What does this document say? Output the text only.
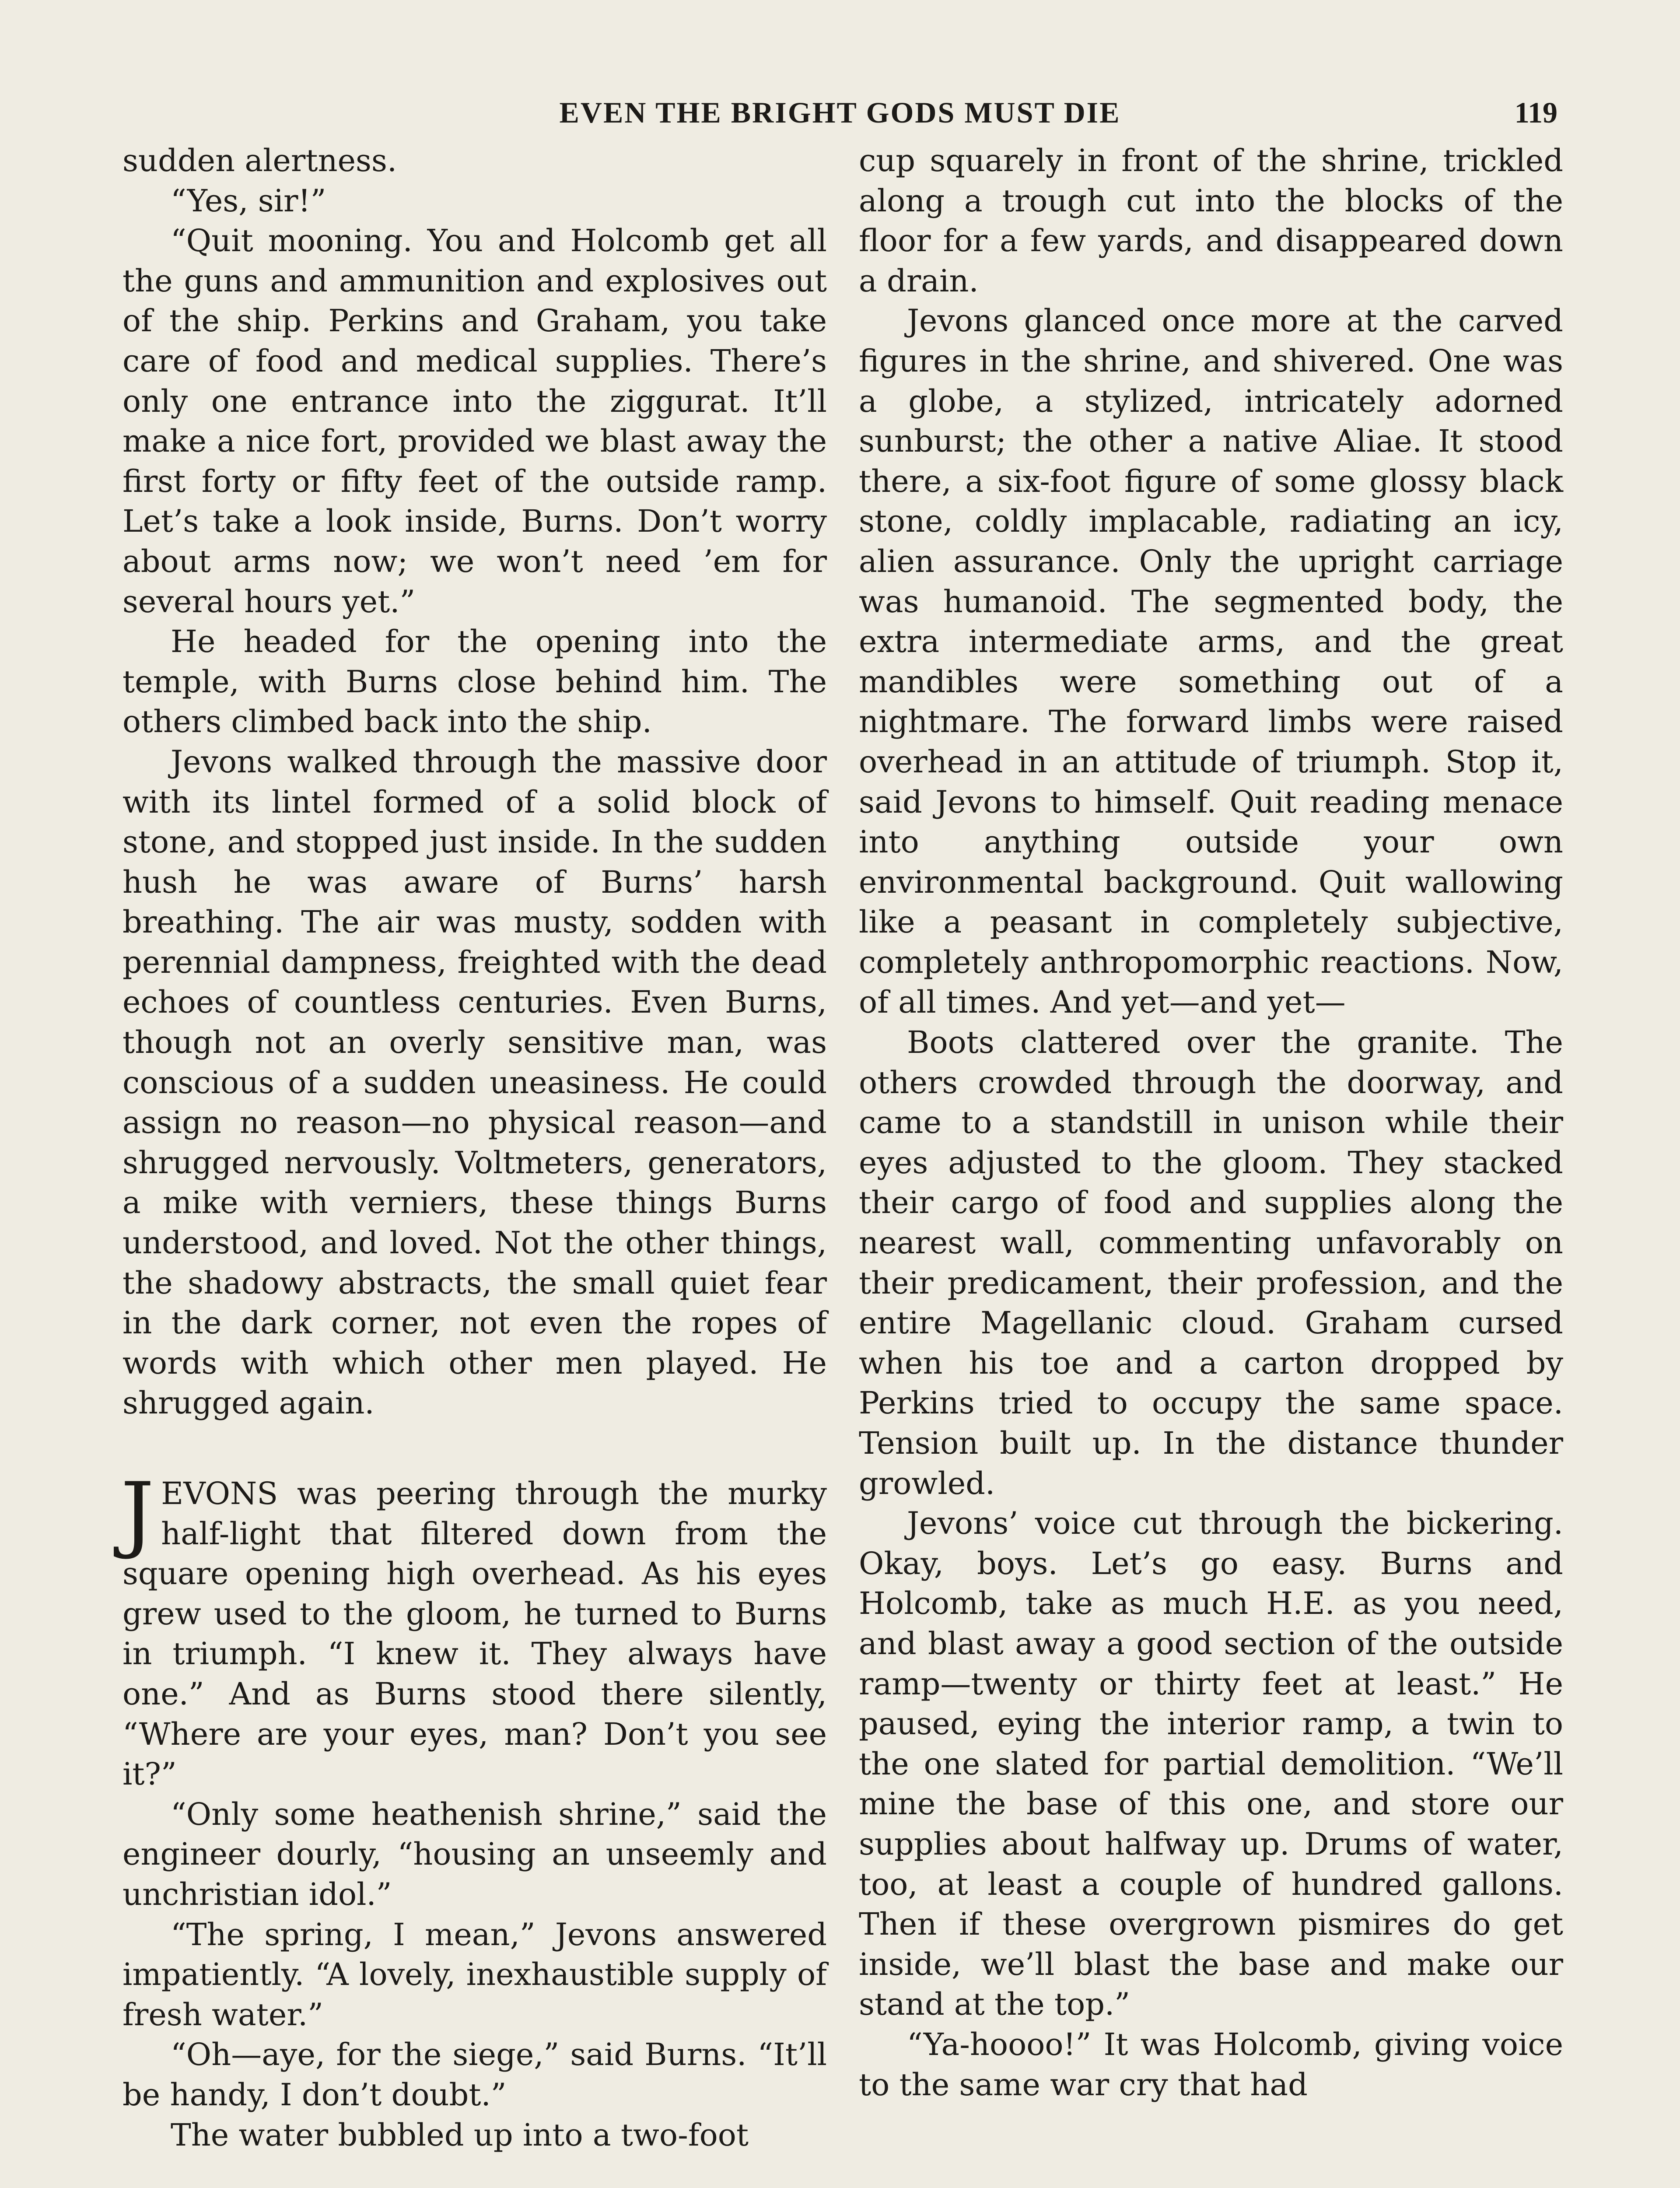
EVEN THE BRIGHT GODS MUST DIE	119

sudden alertness.

“Yes, sir!”

“Quit mooning. You and Holcomb get all the guns and ammunition and explosives out of the ship. Perkins and Graham, you take care of food and medical supplies. There’s only one entrance into the ziggurat. It’ll make a nice fort, provided we blast away the first forty or fifty feet of the outside ramp. Let’s take a look inside, Burns. Don’t worry about arms now; we won’t need ’em for several hours yet.”

He headed for the opening into the temple, with Burns close behind him. The others climbed back into the ship.

Jevons walked through the massive door with its lintel formed of a solid block of stone, and stopped just inside. In the sudden hush he was aware of Burns’ harsh breathing. The air was musty, sodden with perennial dampness, freighted with the dead echoes of countless centuries. Even Burns, though not an overly sensitive man, was conscious of a sudden uneasiness. He could assign no reason—no physical reason—and shrugged nervously. Voltmeters, generators, a mike with verniers, these things Burns understood, and loved. Not the other things, the shadowy abstracts, the small quiet fear in the dark corner, not even the ropes of words with which other men played. He shrugged again.

J EVONS was peering through the murky half-light that filtered down from the square opening high overhead. As his eyes grew used to the gloom, he turned to Burns in triumph. “I knew it. They always have one.” And as Burns stood there silently, “Where are your eyes, man? Don’t you see it?”

“Only some heathenish shrine,” said the engineer dourly, “housing an unseemly and unchristian idol.”

“The spring, I mean,” Jevons answered impatiently. “A lovely, inexhaustible supply of fresh water.”

“Oh—aye, for the siege,” said Burns. “It’ll be handy, I don’t doubt.”

The water bubbled up into a two-foot

cup squarely in front of the shrine, trickled along a trough cut into the blocks of the floor for a few yards, and disappeared down a drain.

Jevons glanced once more at the carved figures in the shrine, and shivered. One was a globe, a stylized, intricately adorned sunburst; the other a native Aliae. It stood there, a six-foot figure of some glossy black stone, coldly implacable, radiating an icy, alien assurance. Only the upright carriage was humanoid. The segmented body, the extra intermediate arms, and the great mandibles were something out of a nightmare. The forward limbs were raised overhead in an attitude of triumph. Stop it, said Jevons to himself. Quit reading menace into anything outside your own environmental background. Quit wallowing like a peasant in completely subjective, completely anthropomorphic reactions. Now, of all times. And yet—and yet—

Boots clattered over the granite. The others crowded through the doorway, and came to a standstill in unison while their eyes adjusted to the gloom. They stacked their cargo of food and supplies along the nearest wall, commenting unfavorably on their predicament, their profession, and the entire Magellanic cloud. Graham cursed when his toe and a carton dropped by Perkins tried to occupy the same space. Tension built up. In the distance thunder growled.

Jevons’ voice cut through the bickering. Okay, boys. Let’s go easy. Burns and Holcomb, take as much H.E. as you need, and blast away a good section of the outside ramp—twenty or thirty feet at least.” He paused, eying the interior ramp, a twin to the one slated for partial demolition. “We’ll mine the base of this one, and store our supplies about halfway up. Drums of water, too, at least a couple of hundred gallons. Then if these overgrown pismires do get inside, we’ll blast the base and make our stand at the top.”

“Ya-hoooo!” It was Holcomb, giving voice to the same war cry that had
